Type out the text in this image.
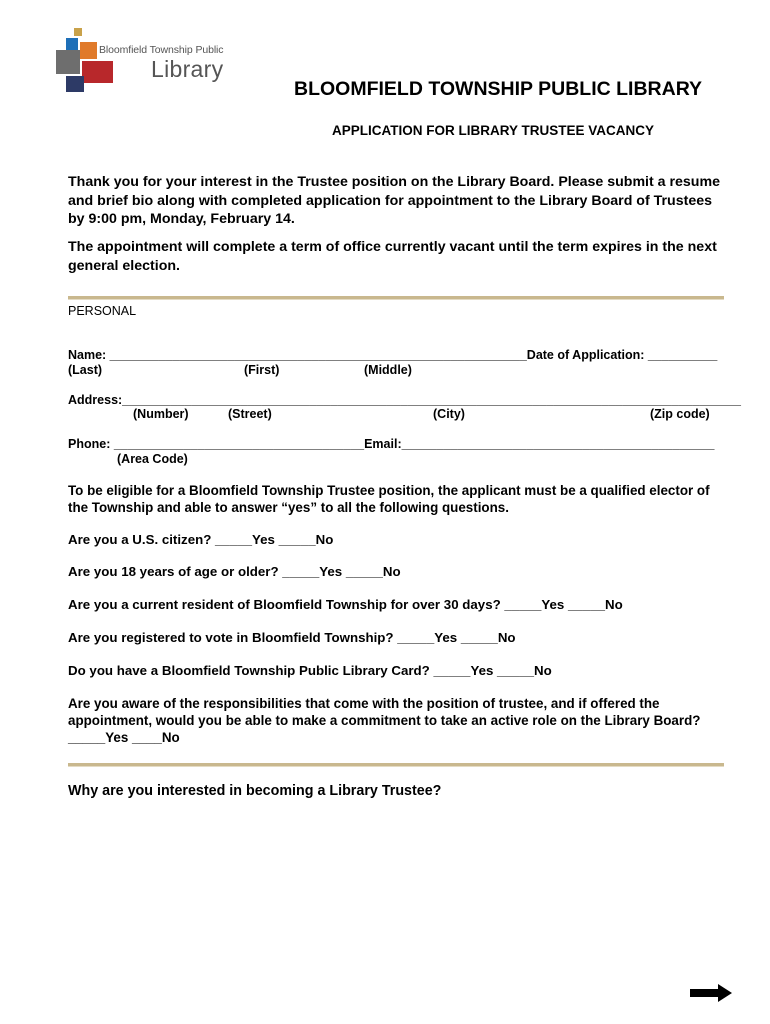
Bloomfield Township Public
Library
BLOOMFIELD TOWNSHIP PUBLIC LIBRARY
APPLICATION FOR LIBRARY TRUSTEE VACANCY
Thank you for your interest in the Trustee position on the Library Board. Please submit a resume and brief bio along with completed application for appointment to the Library Board of Trustees by 9:00 pm, Monday, February 14.
The appointment will complete a term of office currently vacant until the term expires in the next general election.
PERSONAL
Name: ____________________________________________________________Date of Application: __________
(Last)	(First)	(Middle)
Address:_________________________________________________________________________________________
(Number)	(Street)	(City)	(Zip code)
Phone: ____________________________________Email:_____________________________________________
(Area Code)
To be eligible for a Bloomfield Township Trustee position, the applicant must be a qualified elector of the Township and able to answer “yes” to all the following questions.
Are you a U.S. citizen? _____Yes _____No
Are you 18 years of age or older? _____Yes _____No
Are you a current resident of Bloomfield Township for over 30 days? _____Yes _____No
Are you registered to vote in Bloomfield Township? _____Yes _____No
Do you have a Bloomfield Township Public Library Card? _____Yes _____No
Are you aware of the responsibilities that come with the position of trustee, and if offered the appointment, would you be able to make a commitment to take an active role on the Library Board? _____Yes ____No
Why are you interested in becoming a Library Trustee?
